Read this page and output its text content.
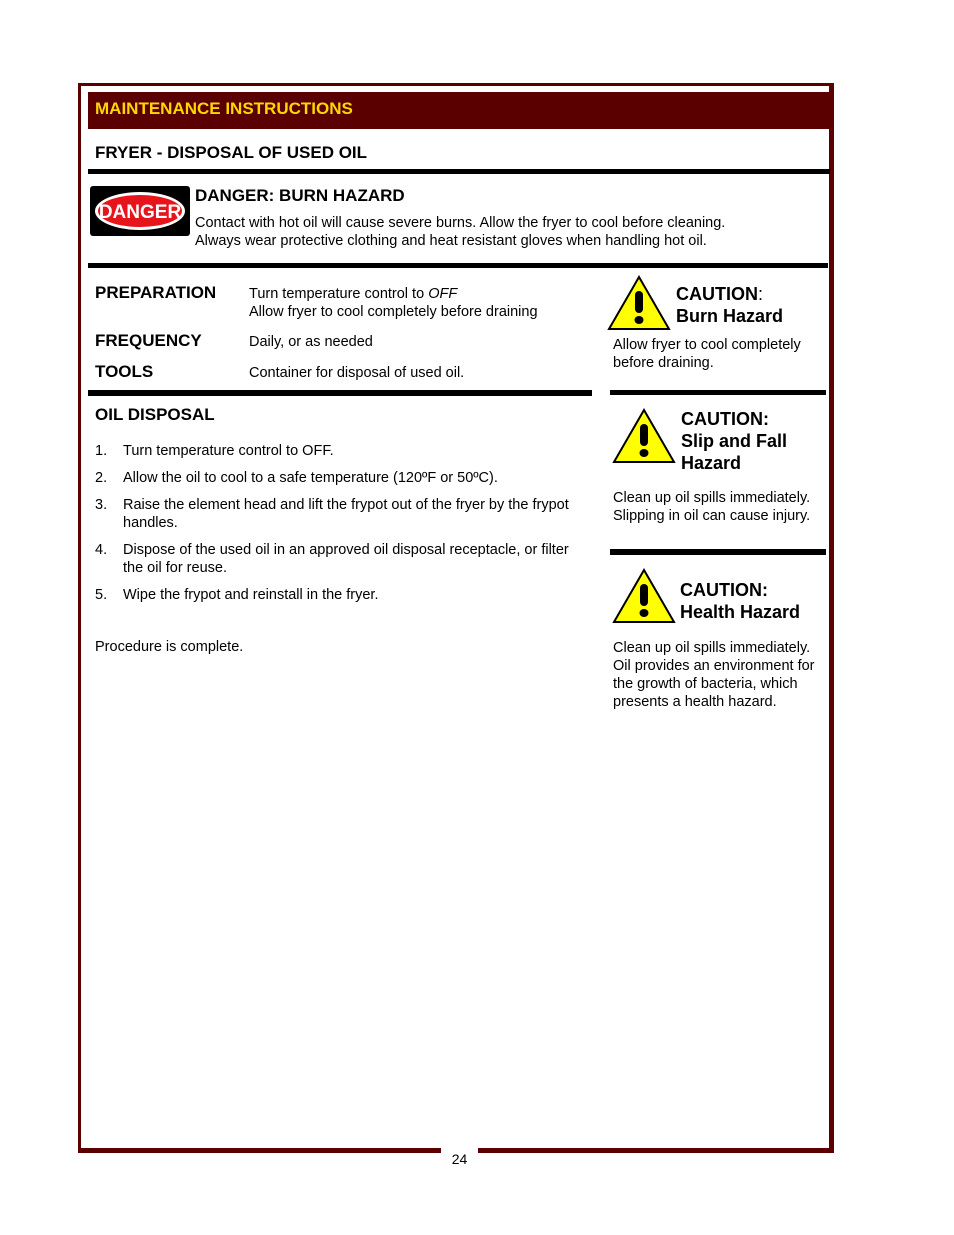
24
MAINTENANCE INSTRUCTIONS
FRYER - DISPOSAL OF USED OIL
DANGER
DANGER: BURN HAZARD
Contact with hot oil will cause severe burns. Allow the fryer to cool before cleaning.
Always wear protective clothing and heat resistant gloves when handling hot oil.
PREPARATION Turn temperature control to OFF
Allow fryer to cool completely before draining
FREQUENCY	Daily, or as needed
TOOLS	Container for disposal of used oil.
OIL DISPOSAL
1. Turn temperature control to OFF.
2. Allow the oil to cool to a safe temperature (120ºF or 50ºC).
3. Raise the element head and lift the frypot out of the fryer by the frypot handles.
4. Dispose of the used oil in an approved oil disposal receptacle, or filter the oil for reuse.
5. Wipe the frypot and reinstall in the fryer.
Procedure is complete.
CAUTION:
Burn Hazard
Allow fryer to cool completely before draining.
CAUTION:
Slip and Fall
Hazard
Clean up oil spills immediately. Slipping in oil can cause injury.
CAUTION:
Health Hazard
Clean up oil spills immediately. Oil provides an environment for the growth of bacteria, which presents a health hazard.
